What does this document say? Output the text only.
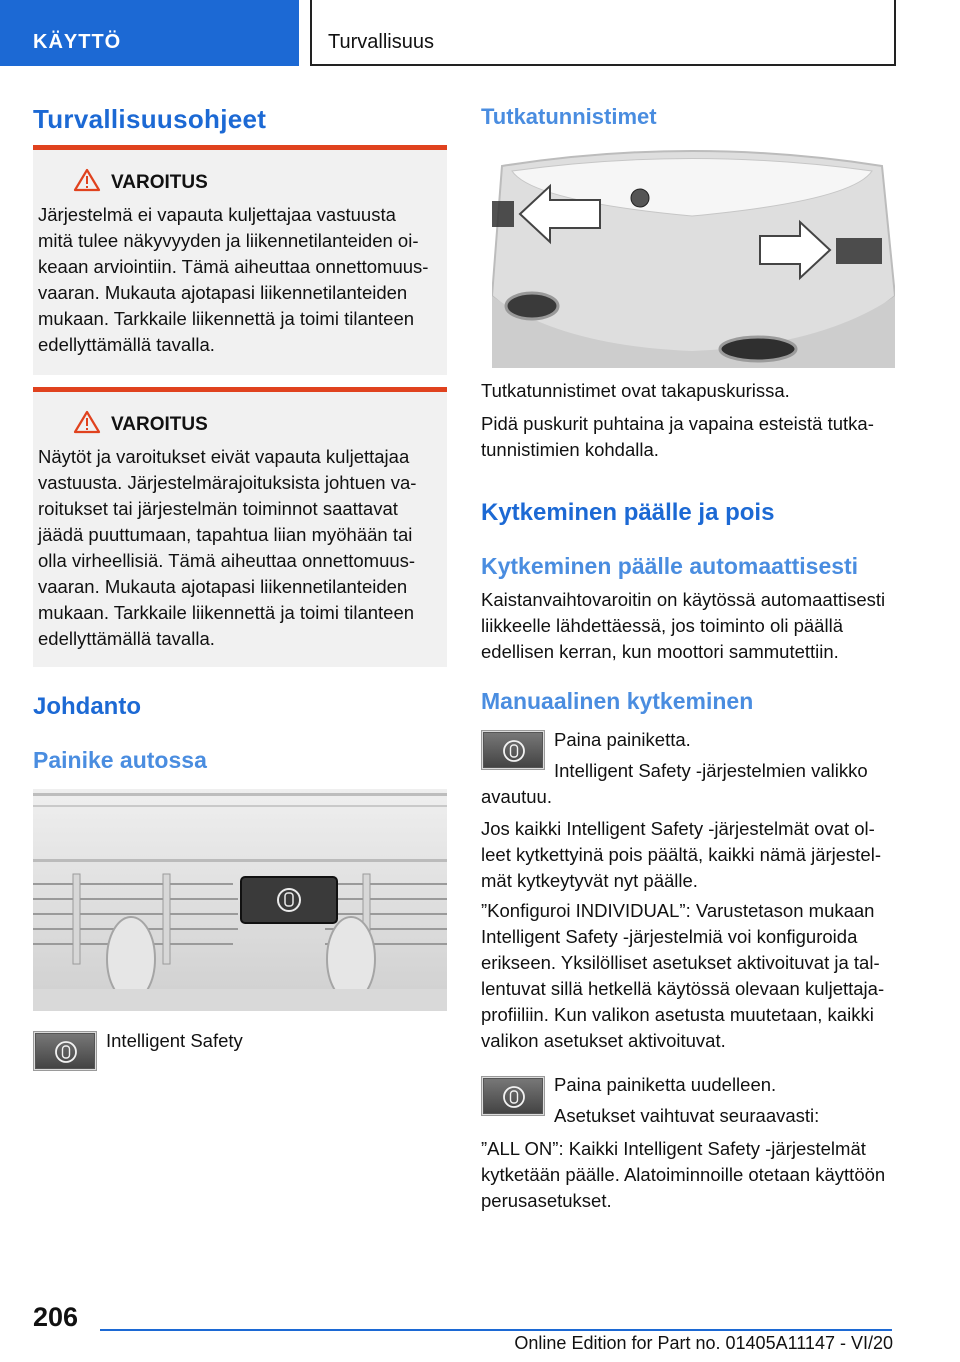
KÄYTTÖ	Turvallisuus
Turvallisuusohjeet
VAROITUS
Järjestelmä ei vapauta kuljettajaa vastuusta
mitä tulee näkyvyyden ja liikennetilanteiden oi-
keaan arviointiin. Tämä aiheuttaa onnettomuus-
vaaran. Mukauta ajotapasi liikennetilanteiden
mukaan. Tarkkaile liikennettä ja toimi tilanteen
edellyttämällä tavalla.
VAROITUS
Näytöt ja varoitukset eivät vapauta kuljettajaa
vastuusta. Järjestelmärajoituksista johtuen va-
roitukset tai järjestelmän toiminnot saattavat
jäädä puuttumaan, tapahtua liian myöhään tai
olla virheellisiä. Tämä aiheuttaa onnettomuus-
vaaran. Mukauta ajotapasi liikennetilanteiden
mukaan. Tarkkaile liikennettä ja toimi tilanteen
edellyttämällä tavalla.
Johdanto
Painike autossa
Intelligent Safety
Tutkatunnistimet
Tutkatunnistimet ovat takapuskurissa.
Pidä puskurit puhtaina ja vapaina esteistä tutka-
tunnistimien kohdalla.
Kytkeminen päälle ja pois
Kytkeminen päälle automaattisesti
Kaistanvaihtovaroitin on käytössä automaattisesti
liikkeelle lähdettäessä, jos toiminto oli päällä
edellisen kerran, kun moottori sammutettiin.
Manuaalinen kytkeminen
Paina painiketta.
Intelligent Safety -järjestelmien valikko
avautuu.
Jos kaikki Intelligent Safety -järjestelmät ovat ol-
leet kytkettyinä pois päältä, kaikki nämä järjestel-
mät kytkeytyvät nyt päälle.
”Konfiguroi INDIVIDUAL”: Varustetason mukaan
Intelligent Safety -järjestelmiä voi konfiguroida
erikseen. Yksilölliset asetukset aktivoituvat ja tal-
lentuvat sillä hetkellä käytössä olevaan kuljettaja-
profiiliin. Kun valikon asetusta muutetaan, kaikki
valikon asetukset aktivoituvat.
Paina painiketta uudelleen.
Asetukset vaihtuvat seuraavasti:
”ALL ON”: Kaikki Intelligent Safety -järjestelmät
kytketään päälle. Alatoiminnoille otetaan käyttöön
perusasetukset.
206
Online Edition for Part no. 01405A11147 - VI/20
